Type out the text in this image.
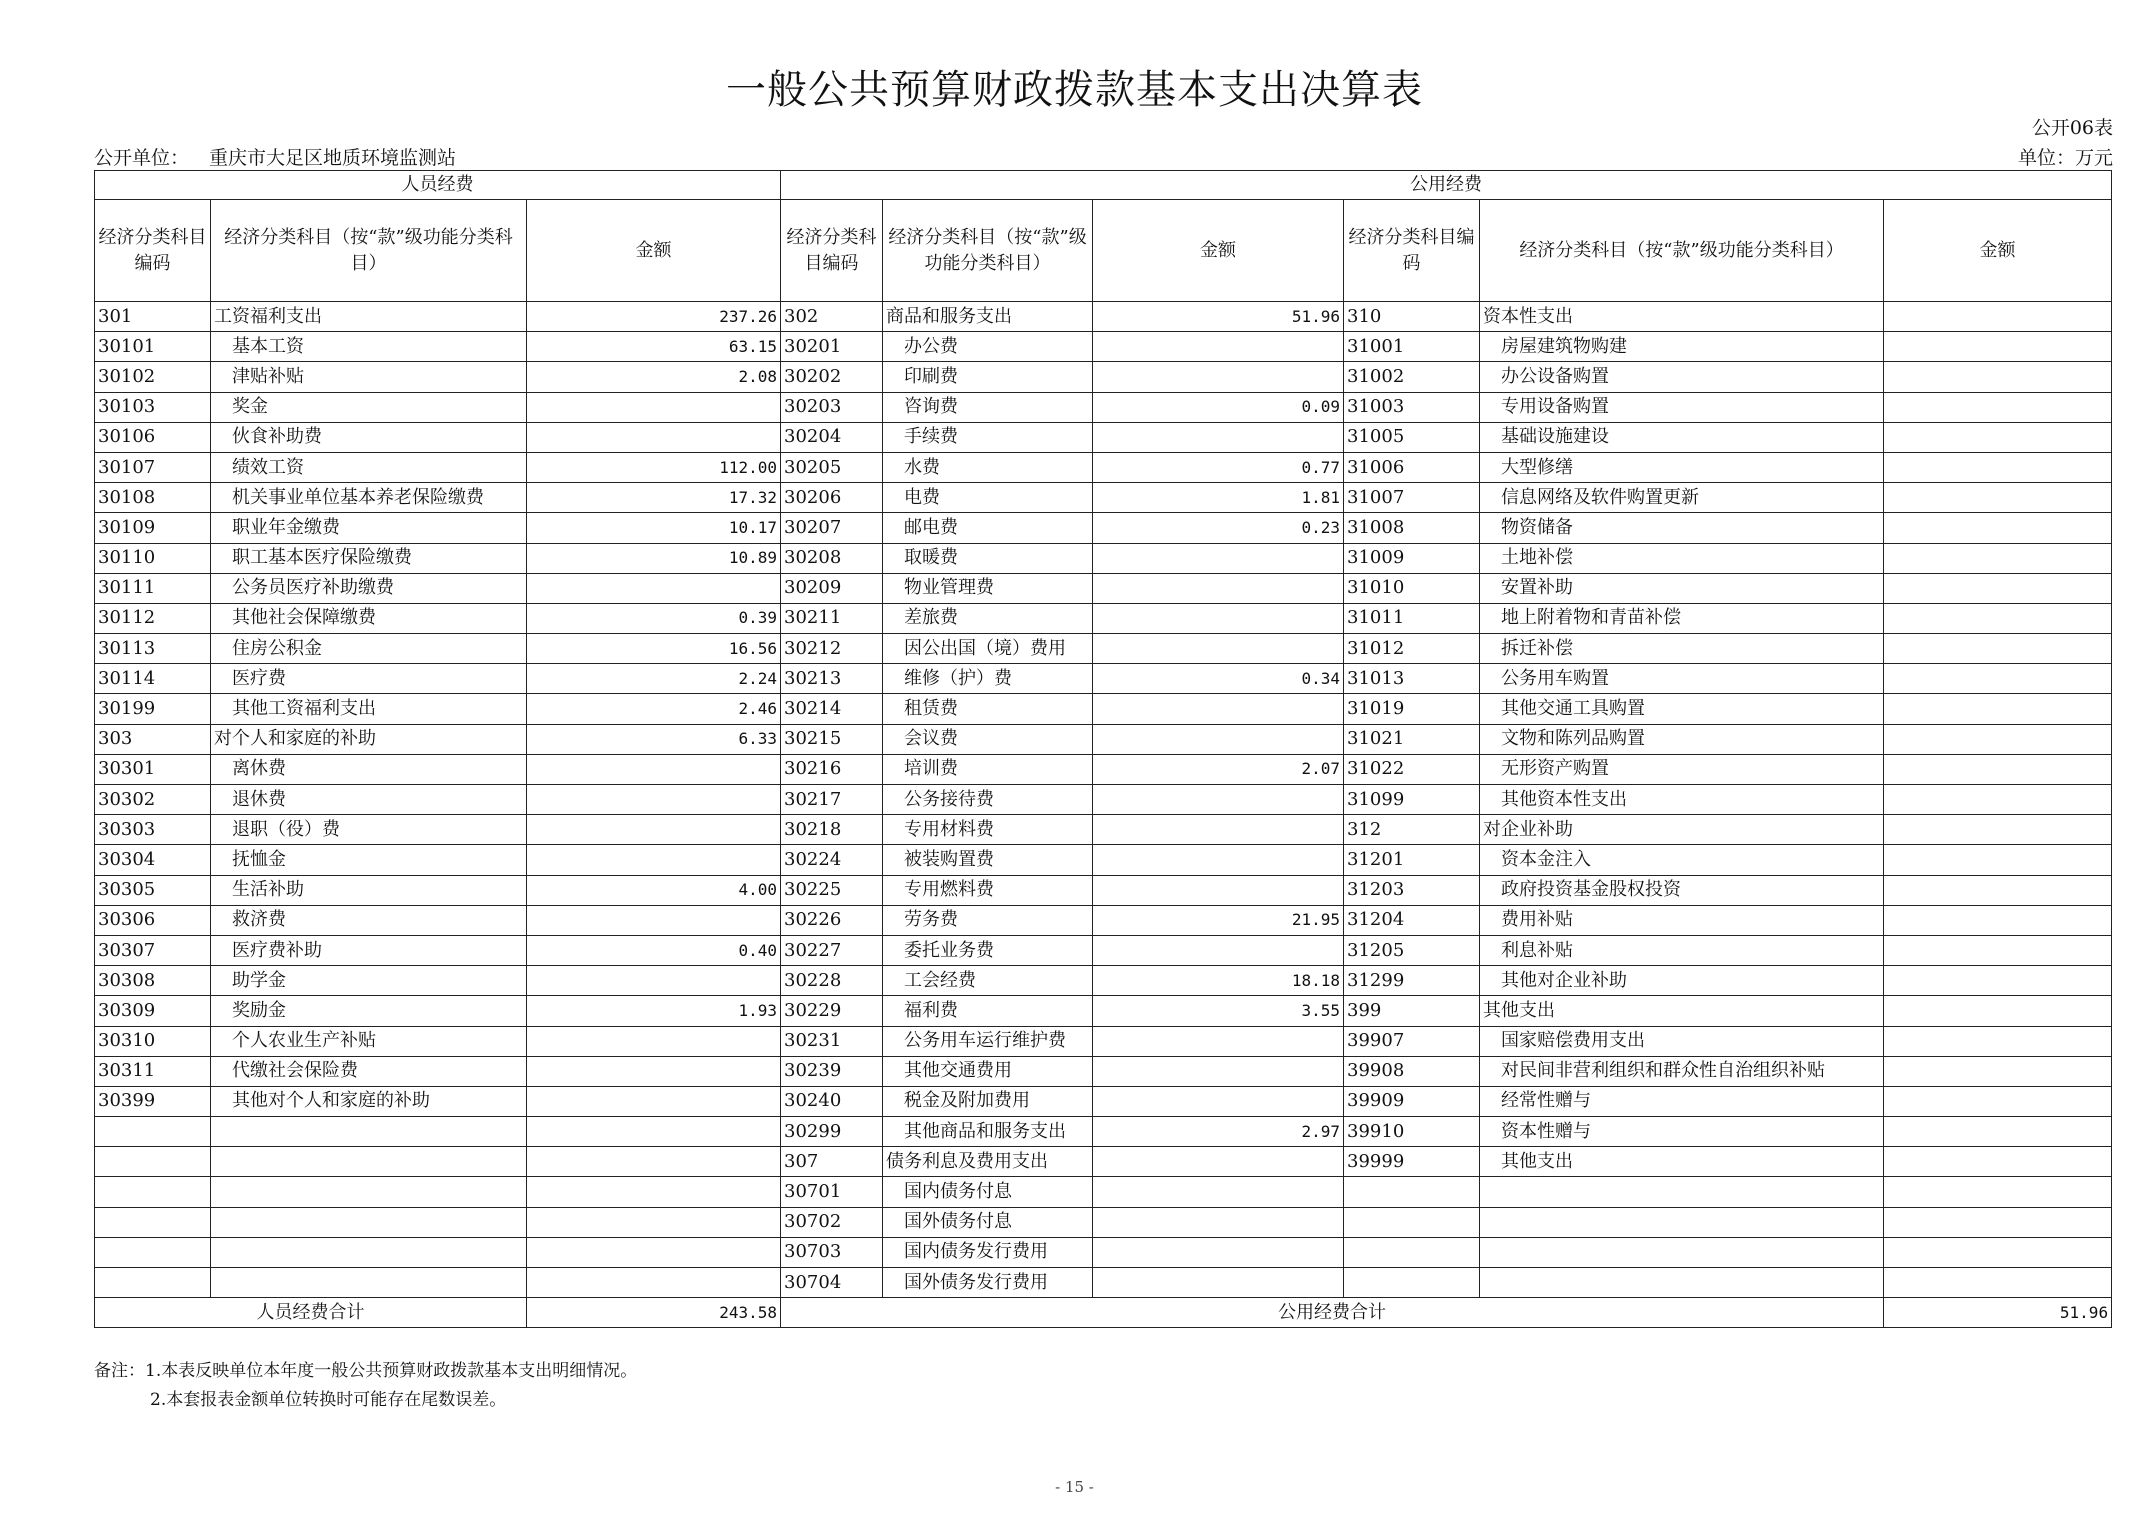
一般公共预算财政拨款基本支出决算表
公开06表
公开单位： 重庆市大足区地质环境监测站	单位：万元
人员经费			公用经费					
经济分类科目编码	经济分类科目（按“款”级功能分类科目）	金额	经济分类科目编码	经济分类科目（按“款”级功能分类科目）	金额	经济分类科目编码	经济分类科目（按“款”级功能分类科目）	金额
301	工资福利支出	237.26	302	商品和服务支出	51.96	310	资本性支出	
30101	基本工资	63.15	30201	办公费		31001	房屋建筑物购建	
30102	津贴补贴	2.08	30202	印刷费		31002	办公设备购置	
30103	奖金		30203	咨询费	0.09	31003	专用设备购置	
30106	伙食补助费		30204	手续费		31005	基础设施建设	
30107	绩效工资	112.00	30205	水费	0.77	31006	大型修缮	
30108	机关事业单位基本养老保险缴费	17.32	30206	电费	1.81	31007	信息网络及软件购置更新	
30109	职业年金缴费	10.17	30207	邮电费	0.23	31008	物资储备	
30110	职工基本医疗保险缴费	10.89	30208	取暖费		31009	土地补偿	
30111	公务员医疗补助缴费		30209	物业管理费		31010	安置补助	
30112	其他社会保障缴费	0.39	30211	差旅费		31011	地上附着物和青苗补偿	
30113	住房公积金	16.56	30212	因公出国（境）费用		31012	拆迁补偿	
30114	医疗费	2.24	30213	维修（护）费	0.34	31013	公务用车购置	
30199	其他工资福利支出	2.46	30214	租赁费		31019	其他交通工具购置	
303	对个人和家庭的补助	6.33	30215	会议费		31021	文物和陈列品购置	
30301	离休费		30216	培训费	2.07	31022	无形资产购置	
30302	退休费		30217	公务接待费		31099	其他资本性支出	
30303	退职（役）费		30218	专用材料费		312	对企业补助	
30304	抚恤金		30224	被装购置费		31201	资本金注入	
30305	生活补助	4.00	30225	专用燃料费		31203	政府投资基金股权投资	
30306	救济费		30226	劳务费	21.95	31204	费用补贴	
30307	医疗费补助	0.40	30227	委托业务费		31205	利息补贴	
30308	助学金		30228	工会经费	18.18	31299	其他对企业补助	
30309	奖励金	1.93	30229	福利费	3.55	399	其他支出	
30310	个人农业生产补贴		30231	公务用车运行维护费		39907	国家赔偿费用支出	
30311	代缴社会保险费		30239	其他交通费用		39908	对民间非营利组织和群众性自治组织补贴	
30399	其他对个人和家庭的补助		30240	税金及附加费用		39909	经常性赠与	
			30299	其他商品和服务支出	2.97	39910	资本性赠与	
			307	债务利息及费用支出		39999	其他支出	
			30701	国内债务付息				
			30702	国外债务付息				
			30703	国内债务发行费用				
			30704	国外债务发行费用				
人员经费合计		243.58	公用经费合计					51.96
备注：1.本表反映单位本年度一般公共预算财政拨款基本支出明细情况。
2.本套报表金额单位转换时可能存在尾数误差。
- 15 -
